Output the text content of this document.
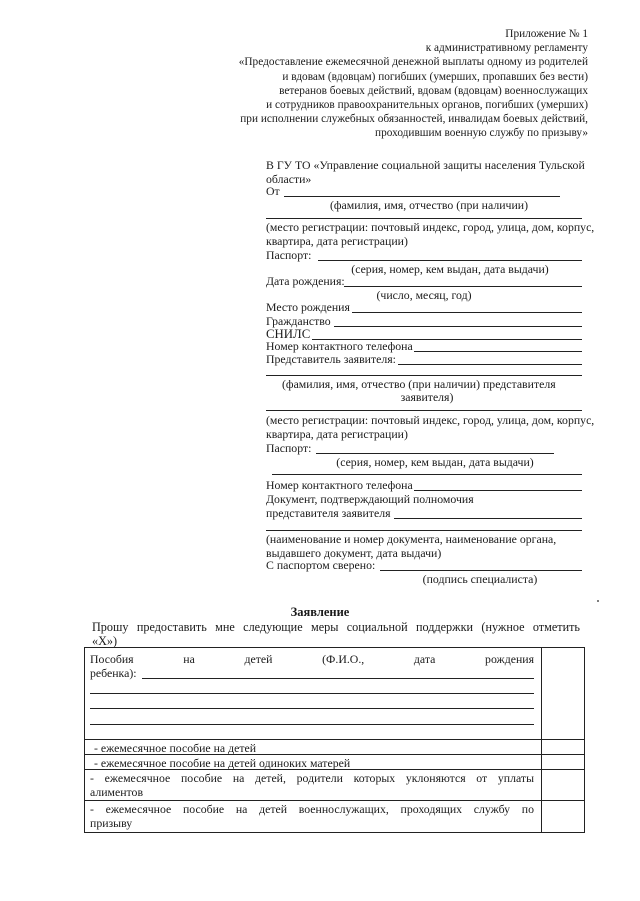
Приложение № 1
к административному регламенту
«Предоставление ежемесячной денежной выплаты одному из родителей
и вдовам (вдовцам) погибших (умерших, пропавших без вести)
ветеранов боевых действий, вдовам (вдовцам) военнослужащих
и сотрудников правоохранительных органов, погибших (умерших)
при исполнении служебных обязанностей, инвалидам боевых действий,
проходившим военную службу по призыву»
В ГУ ТО «Управление социальной защиты населения Тульской
области»
От
(фамилия, имя, отчество (при наличии)
(место регистрации: почтовый индекс, город, улица, дом, корпус,
квартира, дата регистрации)
Паспорт:
(серия, номер, кем выдан, дата выдачи)
Дата рождения:
(число, месяц, год)
Место рождения
Гражданство
СНИЛС
Номер контактного телефона
Представитель заявителя:
(фамилия, имя, отчество (при наличии) представителя
заявителя)
(место регистрации: почтовый индекс, город, улица, дом, корпус,
квартира, дата регистрации)
Паспорт:
(серия, номер, кем выдан, дата выдачи)
Номер контактного телефона
Документ, подтверждающий полномочия
представителя заявителя
(наименование и номер документа, наименование органа,
выдавшего документ, дата выдачи)
С паспортом сверено:
(подпись специалиста)
Заявление
Прошу предоставить мне следующие меры социальной поддержки (нужное отметить
«Х»)
Пособия на детей (Ф.И.О., дата рождения
ребенка):
- ежемесячное пособие на детей
- ежемесячное пособие на детей одиноких матерей
- ежемесячное пособие на детей, родители которых уклоняются от уплаты
алиментов
- ежемесячное пособие на детей военнослужащих, проходящих службу по
призыву
